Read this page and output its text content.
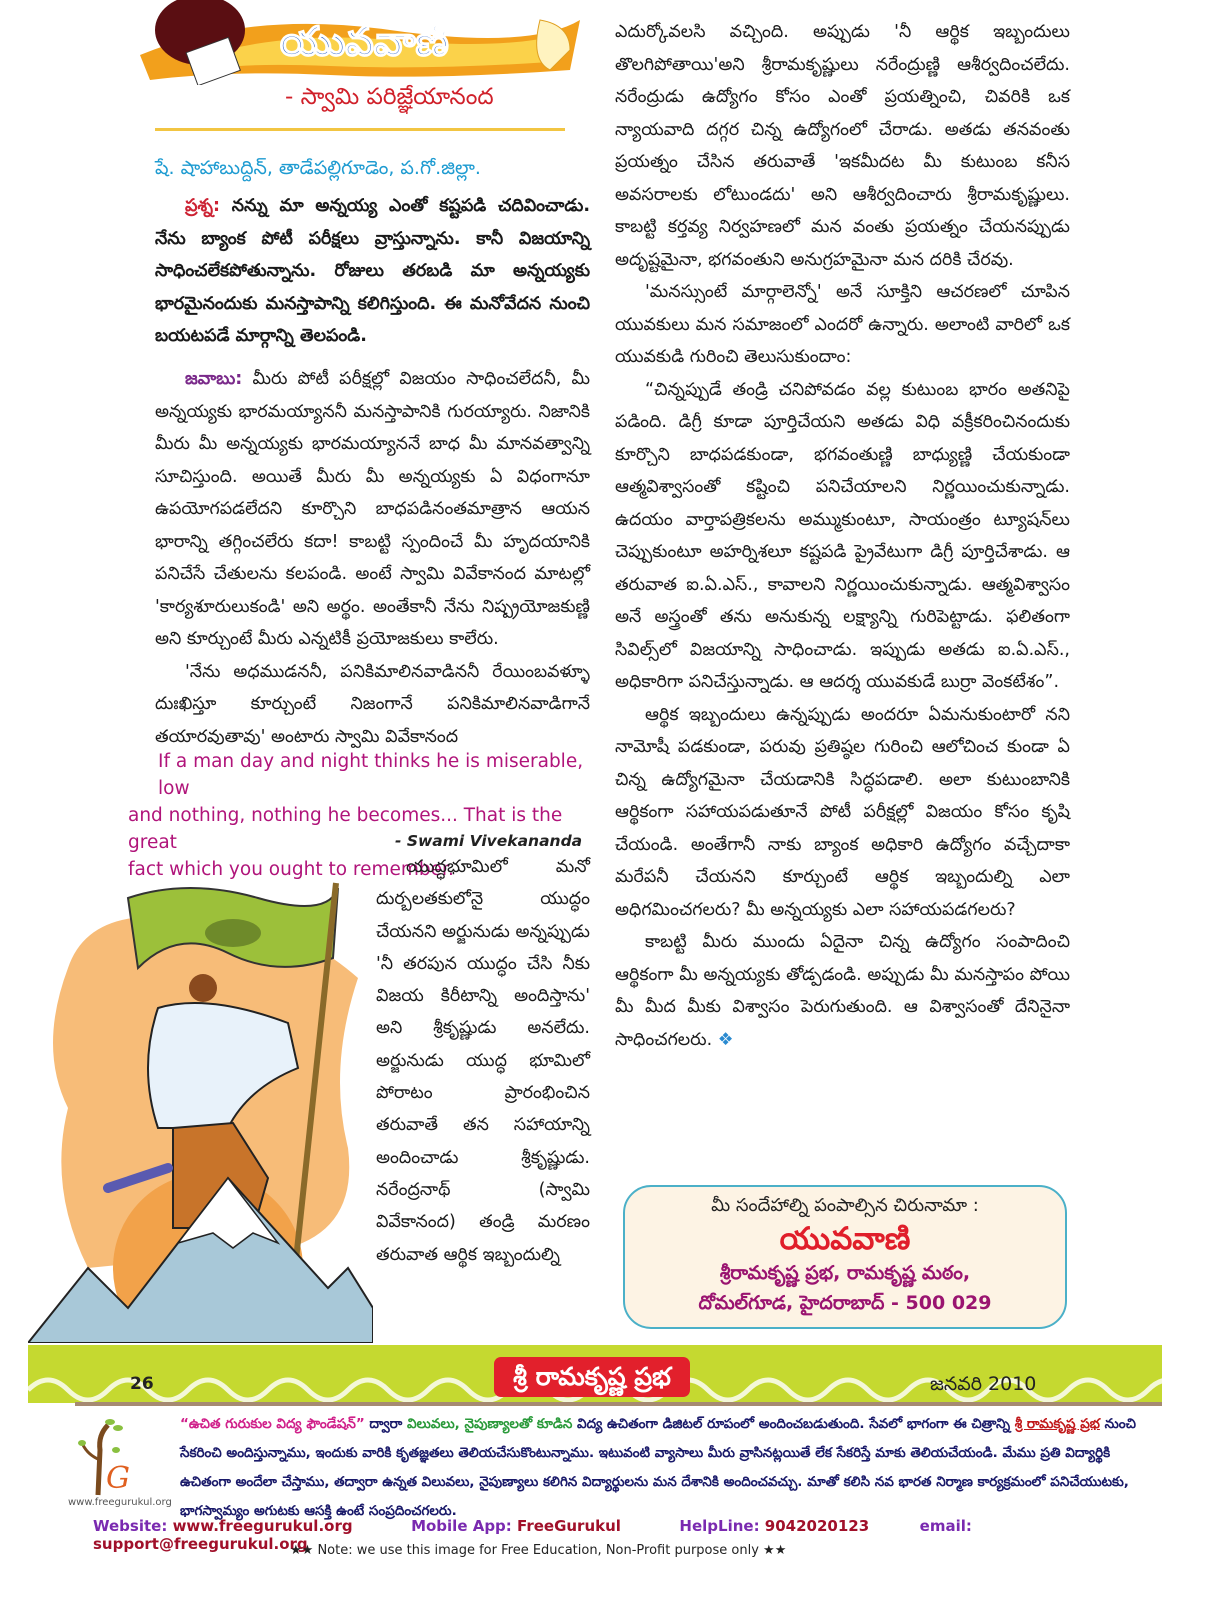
యువవాణి
- స్వామి పరిజ్ఞేయానంద
షే. షాహాబుద్దిన్, తాడేపల్లిగూడెం, ప.గో.జిల్లా.

ప్రశ్న: నన్ను మా అన్నయ్య ఎంతో కష్టపడి చదివించాడు. నేను బ్యాంక పోటీ పరీక్షలు వ్రాస్తున్నాను. కానీ విజయాన్ని సాధించలేకపోతున్నాను. రోజులు తరబడి మా అన్నయ్యకు భారమైనందుకు మనస్తాపాన్ని కలిగిస్తుంది. ఈ మనోవేదన నుంచి బయటపడే మార్గాన్ని తెలపండి.

జవాబు: మీరు పోటీ పరీక్షల్లో విజయం సాధించలేదనీ, మీ అన్నయ్యకు భారమయ్యాననీ మనస్తాపానికి గురయ్యారు. నిజానికి మీరు మీ అన్నయ్యకు భారమయ్యాననే బాధ మీ మానవత్వాన్ని సూచిస్తుంది. అయితే మీరు మీ అన్నయ్యకు ఏ విధంగానూ ఉపయోగపడలేదని కూర్చొని బాధపడినంతమాత్రాన ఆయన భారాన్ని తగ్గించలేరు కదా! కాబట్టి స్పందించే మీ హృదయానికి పనిచేసే చేతులను కలపండి. అంటే స్వామి వివేకానంద మాటల్లో 'కార్యశూరులుకండి' అని అర్థం. అంతేకానీ నేను నిష్ప్రయోజకుణ్ణి అని కూర్చుంటే మీరు ఎన్నటికీ ప్రయోజకులు కాలేరు.

'నేను అధముడననీ, పనికిమాలినవాడిననీ రేయింబవళ్ళూ దుఃఖిస్తూ కూర్చుంటే నిజంగానే పనికిమాలినవాడిగానే తయారవుతావు' అంటారు స్వామి వివేకానంద

If a man day and night thinks he is miserable, low
and nothing, nothing he becomes... That is the great
fact which you ought to remember.
- Swami Vivekananda

యుద్ధభూమిలో మనో దుర్బలతకులోనై యుద్ధం చేయనని అర్జునుడు అన్నప్పుడు 'నీ తరపున యుద్ధం చేసి నీకు విజయ కిరీటాన్ని అందిస్తాను' అని శ్రీకృష్ణుడు అనలేదు. అర్జునుడు యుద్ధ భూమిలో పోరాటం ప్రారంభించిన తరువాతే తన సహాయాన్ని అందించాడు శ్రీకృష్ణుడు. నరేంద్రనాథ్ (స్వామి వివేకానంద) తండ్రి మరణం తరువాత ఆర్థిక ఇబ్బందుల్ని

ఎదుర్కోవలసి వచ్చింది. అప్పుడు 'నీ ఆర్థిక ఇబ్బందులు తొలగిపోతాయి'అని శ్రీరామకృష్ణులు నరేంద్రుణ్ణి ఆశీర్వదించలేదు. నరేంద్రుడు ఉద్యోగం కోసం ఎంతో ప్రయత్నించి, చివరికి ఒక న్యాయవాది దగ్గర చిన్న ఉద్యోగంలో చేరాడు. అతడు తనవంతు ప్రయత్నం చేసిన తరువాతే 'ఇకమీదట మీ కుటుంబ కనీస అవసరాలకు లోటుండదు' అని ఆశీర్వదించారు శ్రీరామకృష్ణులు. కాబట్టి కర్తవ్య నిర్వహణలో మన వంతు ప్రయత్నం చేయనప్పుడు అదృష్టమైనా, భగవంతుని అనుగ్రహమైనా మన దరికి చేరవు.

'మనస్సుంటే మార్గాలెన్నో' అనే సూక్తిని ఆచరణలో చూపిన యువకులు మన సమాజంలో ఎందరో ఉన్నారు. అలాంటి వారిలో ఒక యువకుడి గురించి తెలుసుకుందాం:

“చిన్నప్పుడే తండ్రి చనిపోవడం వల్ల కుటుంబ భారం అతనిపై పడింది. డిగ్రీ కూడా పూర్తిచేయని అతడు విధి వక్రీకరించినందుకు కూర్చొని బాధపడకుండా, భగవంతుణ్ణి బాధ్యుణ్ణి చేయకుండా ఆత్మవిశ్వాసంతో కష్టించి పనిచేయాలని నిర్ణయించుకున్నాడు. ఉదయం వార్తాపత్రికలను అమ్ముకుంటూ, సాయంత్రం ట్యూషన్‌లు చెప్పుకుంటూ అహర్నిశలూ కష్టపడి ప్రైవేటుగా డిగ్రీ పూర్తిచేశాడు. ఆ తరువాత ఐ.ఏ.ఎస్., కావాలని నిర్ణయించుకున్నాడు. ఆత్మవిశ్వాసం అనే అస్త్రంతో తను అనుకున్న లక్ష్యాన్ని గురిపెట్టాడు. ఫలితంగా సివిల్స్‌లో విజయాన్ని సాధించాడు. ఇప్పుడు అతడు ఐ.ఏ.ఎస్., అధికారిగా పనిచేస్తున్నాడు. ఆ ఆదర్శ యువకుడే బుర్రా వెంకటేశం”.

ఆర్థిక ఇబ్బందులు ఉన్నప్పుడు అందరూ ఏమనుకుంటారో నని నామోషీ పడకుండా, పరువు ప్రతిష్ఠల గురించి ఆలోచించ కుండా ఏ చిన్న ఉద్యోగమైనా చేయడానికి సిద్ధపడాలి. అలా కుటుంబానికి ఆర్థికంగా సహాయపడుతూనే పోటీ పరీక్షల్లో విజయం కోసం కృషి చేయండి. అంతేగానీ నాకు బ్యాంక అధికారి ఉద్యోగం వచ్చేదాకా మరేపనీ చేయనని కూర్చుంటే ఆర్థిక ఇబ్బందుల్ని ఎలా అధిగమించగలరు? మీ అన్నయ్యకు ఎలా సహాయపడగలరు?

కాబట్టి మీరు ముందు ఏదైనా చిన్న ఉద్యోగం సంపాదించి ఆర్థికంగా మీ అన్నయ్యకు తోడ్పడండి. అప్పుడు మీ మనస్తాపం పోయి మీ మీద మీకు విశ్వాసం పెరుగుతుంది. ఆ విశ్వాసంతో దేనినైనా సాధించగలరు. ❖

మీ సందేహాల్ని పంపాల్సిన చిరునామా :
యువవాణి
శ్రీరామకృష్ణ ప్రభ, రామకృష్ణ మఠం,
దోమల్‌గూడ, హైదరాబాద్ - 500 029
26	శ్రీ రామకృష్ణ ప్రభ	జనవరి 2010
G
www.freegurukul.org
“ఉచిత గురుకుల విద్య ఫౌండేషన్” ద్వారా విలువలు, నైపుణ్యాలతో కూడిన విద్య ఉచితంగా డిజిటల్ రూపంలో అందించబడుతుంది. సేవలో భాగంగా ఈ చిత్రాన్ని శ్రీ రామకృష్ణ ప్రభ నుంచి సేకరించి అందిస్తున్నాము, ఇందుకు వారికి కృతజ్ఞతలు తెలియచేసుకొంటున్నాము. ఇటువంటి వ్యాసాలు మీరు వ్రాసినట్లయితే లేక సేకరిస్తే మాకు తెలియచేయండి. మేము ప్రతి విద్యార్థికి ఉచితంగా అందేలా చేస్తాము, తద్వారా ఉన్నత విలువలు, నైపుణ్యాలు కలిగిన విద్యార్థులను మన దేశానికి అందించవచ్చు. మాతో కలిసి నవ భారత నిర్మాణ కార్యక్రమంలో పనిచేయుటకు, భాగస్వామ్యం అగుటకు ఆసక్తి ఉంటే సంప్రదించగలరు.
Website: www.freegurukul.org	Mobile App: FreeGurukul	HelpLine: 9042020123	email: support@freegurukul.org
★★ Note: we use this image for Free Education, Non-Profit purpose only ★★
